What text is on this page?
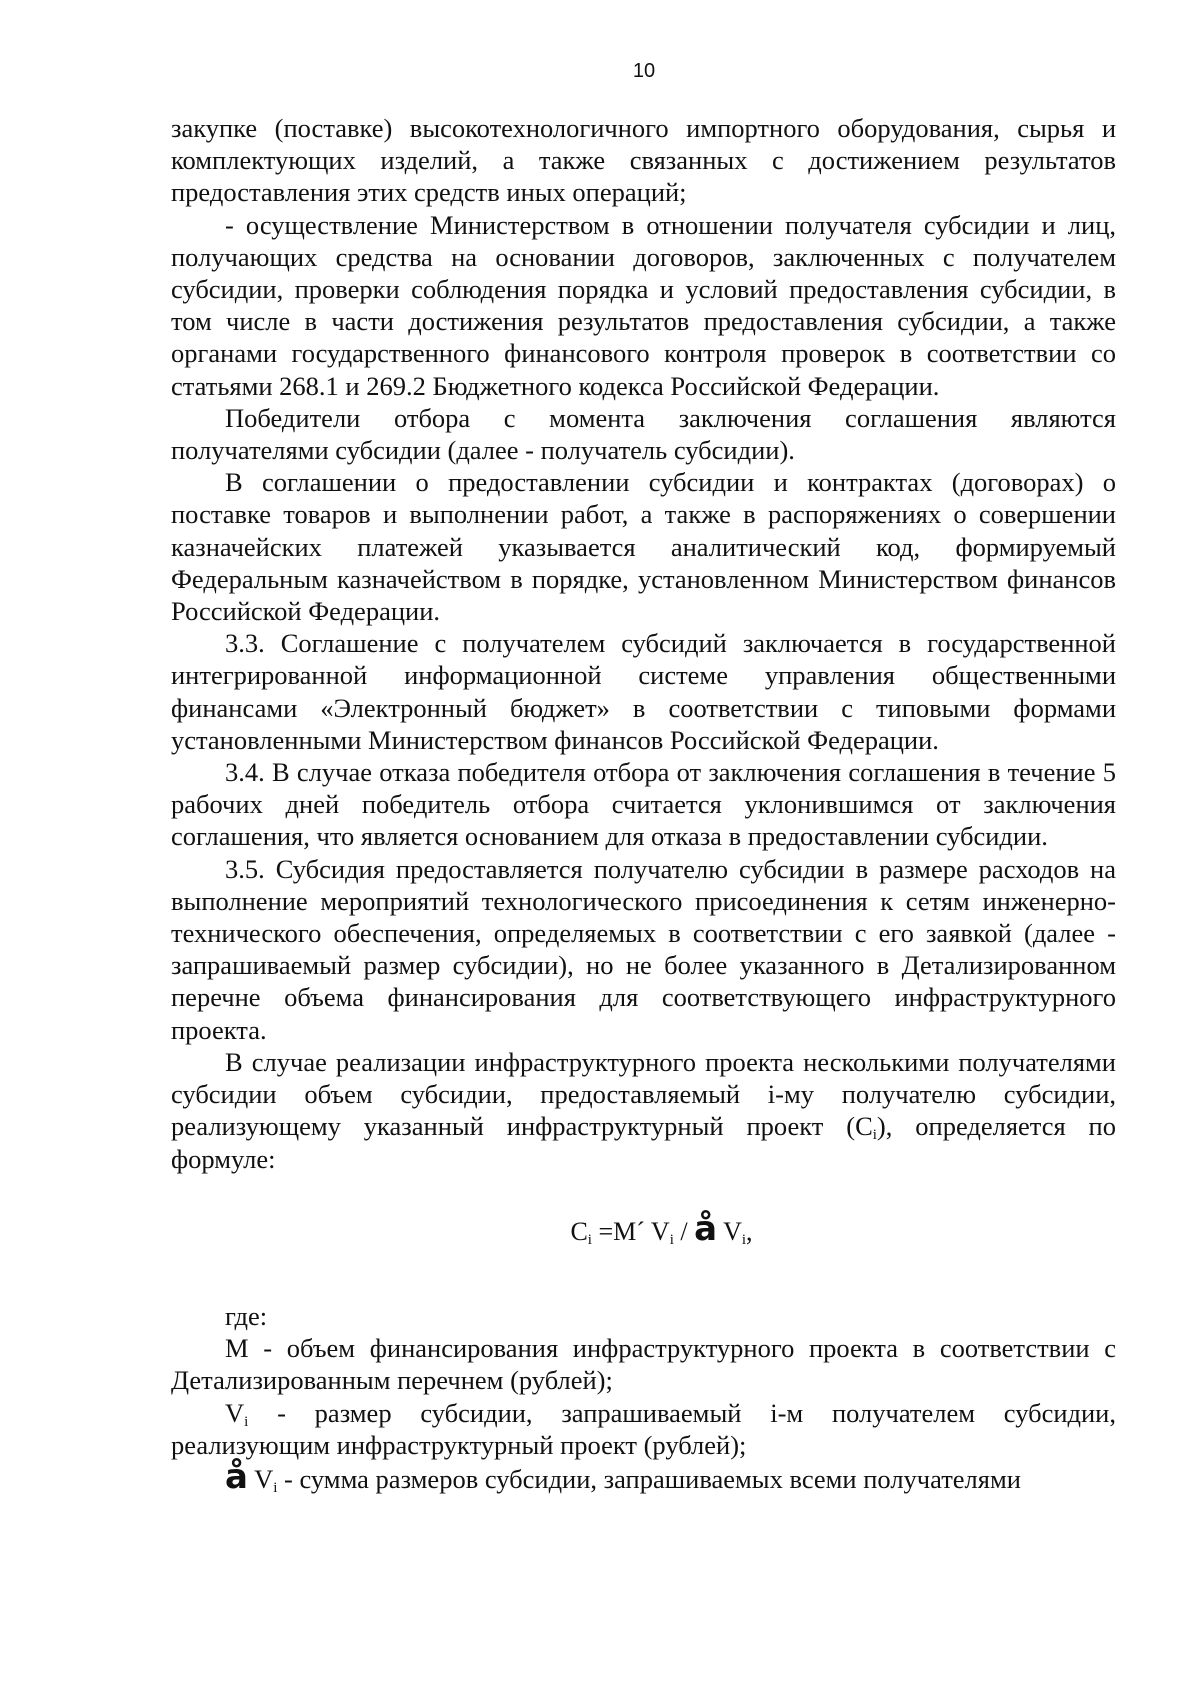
10

закупке (поставке) высокотехнологичного импортного оборудования, сырья и комплектующих изделий, а также связанных с достижением результатов предоставления этих средств иных операций;

- осуществление Министерством в отношении получателя субсидии и лиц, получающих средства на основании договоров, заключенных с получателем субсидии, проверки соблюдения порядка и условий предоставления субсидии, в том числе в части достижения результатов предоставления субсидии, а также органами государственного финансового контроля проверок в соответствии со статьями 268.1 и 269.2 Бюджетного кодекса Российской Федерации.

Победители отбора с момента заключения соглашения являются получателями субсидии (далее - получатель субсидии).

В соглашении о предоставлении субсидии и контрактах (договорах) о поставке товаров и выполнении работ, а также в распоряжениях о совершении казначейских платежей указывается аналитический код, формируемый Федеральным казначейством в порядке, установленном Министерством финансов Российской Федерации.

3.3. Соглашение с получателем субсидий заключается в государственной интегрированной информационной системе управления общественными финансами «Электронный бюджет» в соответствии с типовыми формами установленными Министерством финансов Российской Федерации.

3.4. В случае отказа победителя отбора от заключения соглашения в течение 5 рабочих дней победитель отбора считается уклонившимся от заключения соглашения, что является основанием для отказа в предоставлении субсидии.

3.5. Субсидия предоставляется получателю субсидии в размере расходов на выполнение мероприятий технологического присоединения к сетям инженерно-технического обеспечения, определяемых в соответствии с его заявкой (далее - запрашиваемый размер субсидии), но не более указанного в Детализированном перечне объема финансирования для соответствующего инфраструктурного проекта.

В случае реализации инфраструктурного проекта несколькими получателями субсидии объем субсидии, предоставляемый i-му получателю субсидии, реализующему указанный инфраструктурный проект $(C_i)$, определяется по формуле:

$C_i$ =M´ $V_i$ / å $V_i$,

где:

М - объем финансирования инфраструктурного проекта в соответствии с Детализированным перечнем (рублей);

$V_i$ - размер субсидии, запрашиваемый i-м получателем субсидии, реализующим инфраструктурный проект (рублей);

å $V_i$ - сумма размеров субсидии, запрашиваемых всеми получателями
